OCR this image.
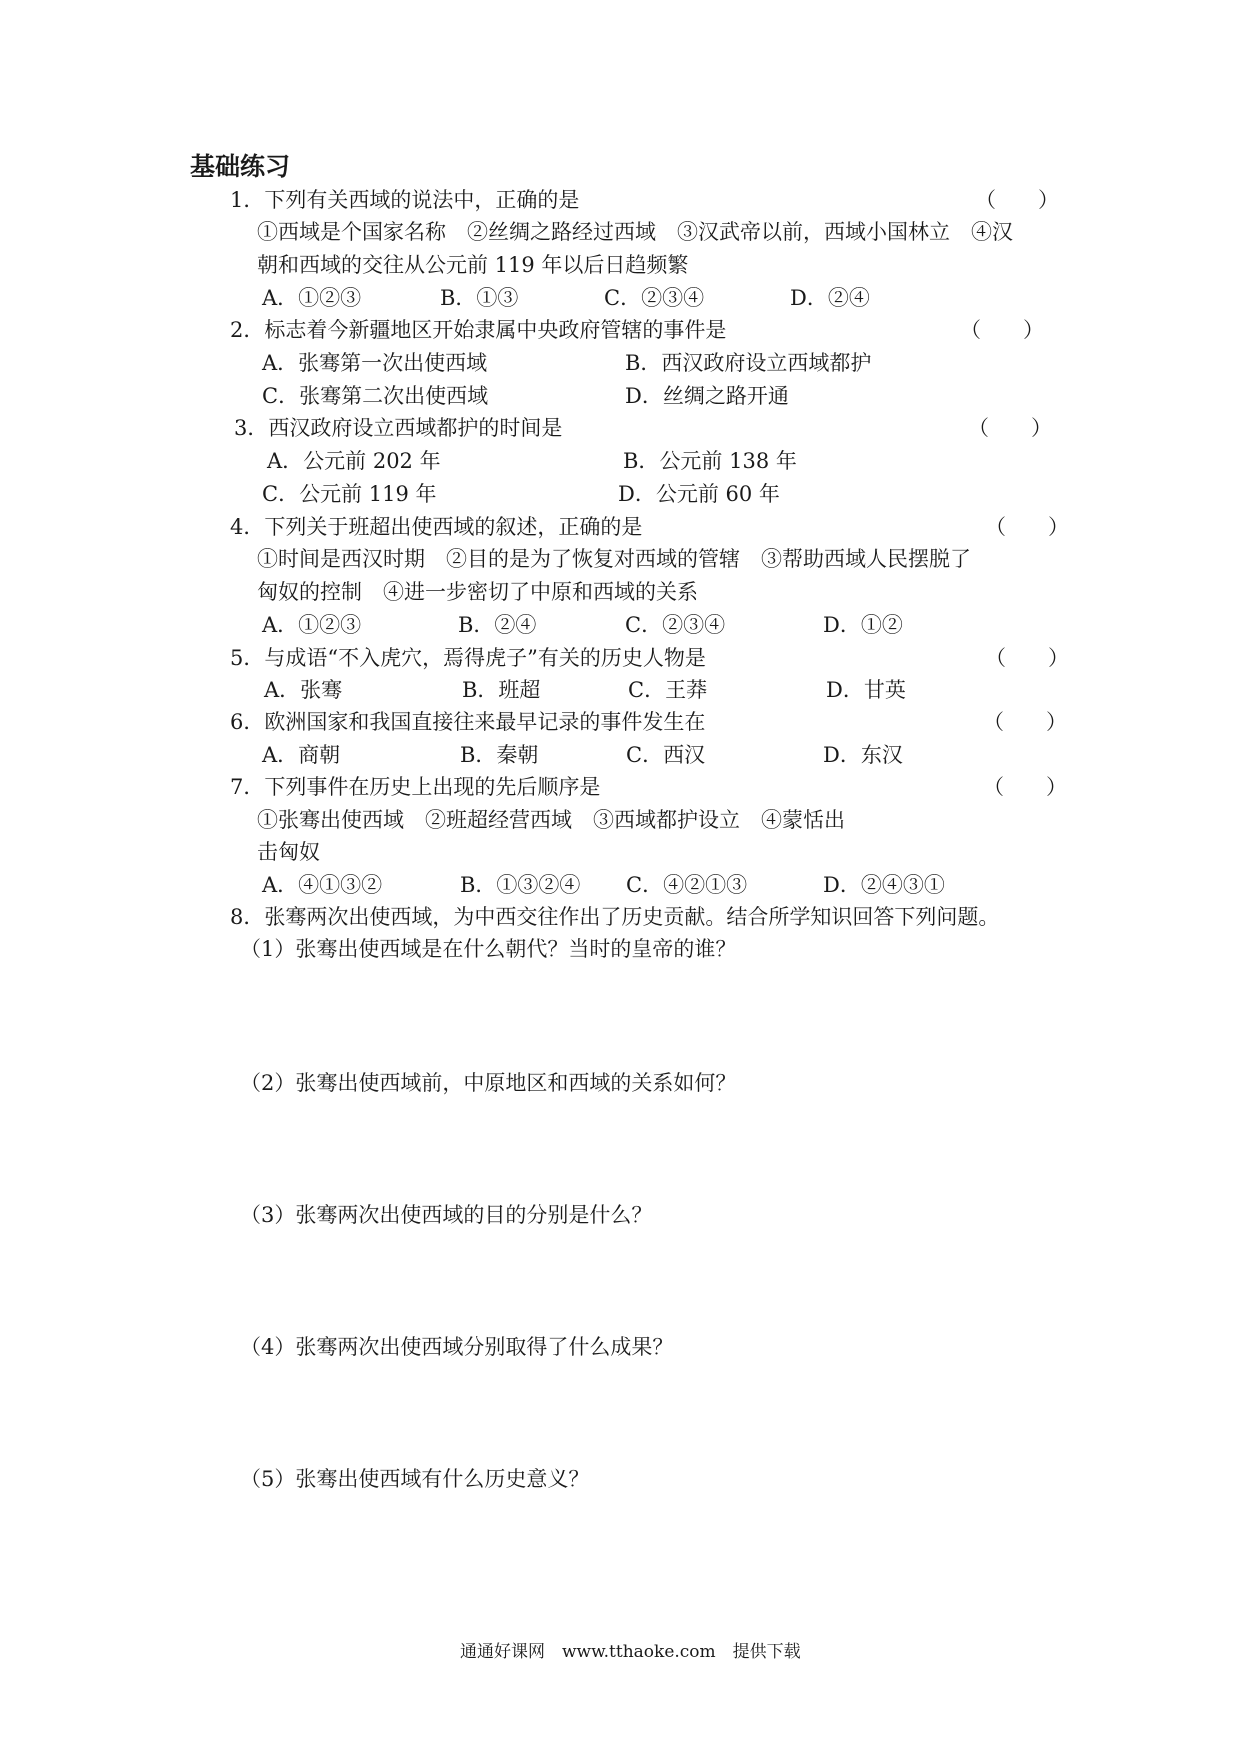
基础练习
1．下列有关西域的说法中，正确的是	（　　）
①西域是个国家名称　②丝绸之路经过西域　③汉武帝以前，西域小国林立　④汉
朝和西域的交往从公元前 119 年以后日趋频繁
A．①②③	B．①③	C．②③④	D．②④
2．标志着今新疆地区开始隶属中央政府管辖的事件是	（　　）
A．张骞第一次出使西域	B．西汉政府设立西域都护
C．张骞第二次出使西域	D．丝绸之路开通
3．西汉政府设立西域都护的时间是	（　　）
A．公元前 202 年	B．公元前 138 年
C．公元前 119 年	D．公元前 60 年
4．下列关于班超出使西域的叙述，正确的是	（　　）
①时间是西汉时期　②目的是为了恢复对西域的管辖　③帮助西域人民摆脱了
匈奴的控制　④进一步密切了中原和西域的关系
A．①②③	B．②④	C．②③④	D．①②
5．与成语“不入虎穴，焉得虎子”有关的历史人物是	（　　）
A．张骞	B．班超	C．王莽	D．甘英
6．欧洲国家和我国直接往来最早记录的事件发生在	（　　）
A．商朝	B．秦朝	C．西汉	D．东汉
7．下列事件在历史上出现的先后顺序是	（　　）
①张骞出使西域　②班超经营西域　③西域都护设立　④蒙恬出
击匈奴
A．④①③②	B．①③②④ C．④②①③	D．②④③①
8．张骞两次出使西域，为中西交往作出了历史贡献。结合所学知识回答下列问题。
（1）张骞出使西域是在什么朝代？当时的皇帝的谁？
（2）张骞出使西域前，中原地区和西域的关系如何？
（3）张骞两次出使西域的目的分别是什么？
（4）张骞两次出使西域分别取得了什么成果？
（5）张骞出使西域有什么历史意义？
通通好课网　www.tthaoke.com　提供下载
